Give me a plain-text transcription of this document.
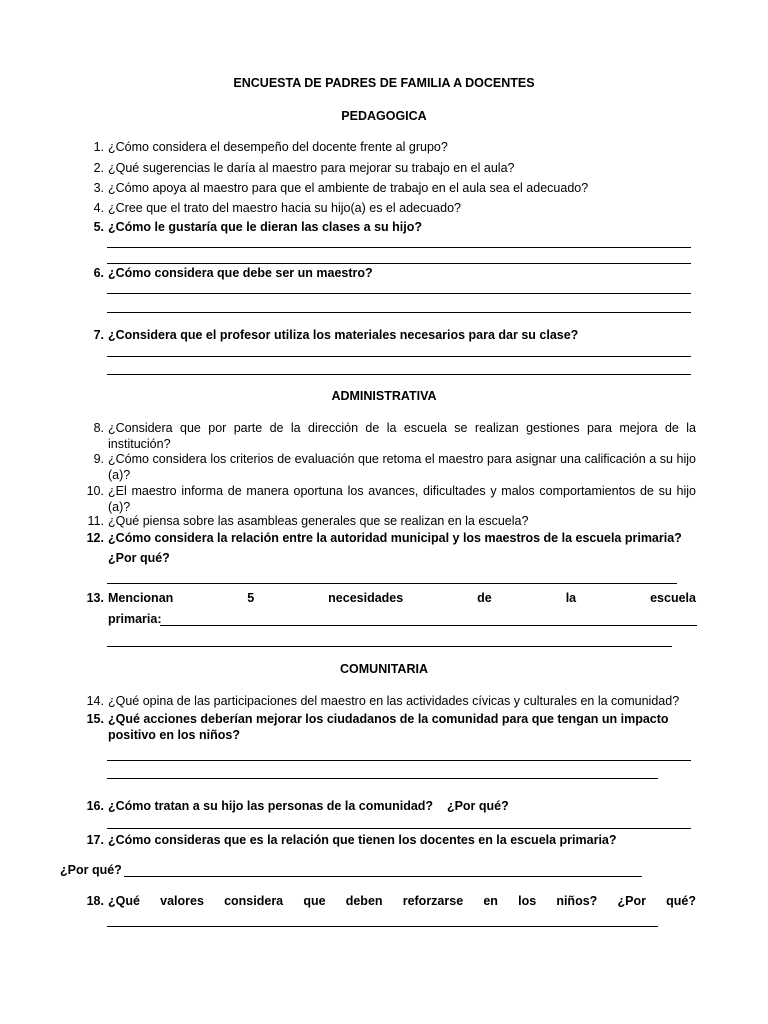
ENCUESTA DE PADRES DE FAMILIA A DOCENTES
PEDAGOGICA
1. ¿Cómo considera el desempeño del docente frente al grupo?
2. ¿Qué sugerencias le daría al maestro para mejorar su trabajo en el aula?
3. ¿Cómo apoya al maestro para que el ambiente de trabajo en el aula sea el adecuado?
4. ¿Cree que el trato del maestro hacia su hijo(a) es el adecuado?
5. ¿Cómo le gustaría que le dieran las clases a su hijo?
6. ¿Cómo considera que debe ser un maestro?
7. ¿Considera que el profesor utiliza los materiales necesarios para dar su clase?
ADMINISTRATIVA
8. ¿Considera que por parte de la dirección de la escuela se realizan gestiones para mejora de la institución?
9. ¿Cómo considera los criterios de evaluación que retoma el maestro para asignar una calificación a su hijo (a)?
10. ¿El maestro informa de manera oportuna los avances, dificultades y malos comportamientos de su hijo (a)?
11. ¿Qué piensa sobre las asambleas generales que se realizan en la escuela?
12. ¿Cómo considera la relación entre la autoridad municipal y los maestros de la escuela primaria?
¿Por qué?
13. Mencionan	5	necesidades	de	la	escuela
primaria:
COMUNITARIA
14. ¿Qué opina de las participaciones del maestro en las actividades cívicas y culturales en la comunidad?
15. ¿Qué acciones deberían mejorar los ciudadanos de la comunidad para que tengan un impacto positivo en los niños?
16. ¿Cómo tratan a su hijo las personas de la comunidad?    ¿Por qué?
17. ¿Cómo consideras que es la relación que tienen los docentes en la escuela primaria?
¿Por qué?
18. ¿Qué valores considera que deben reforzarse en los niños? ¿Por qué?
